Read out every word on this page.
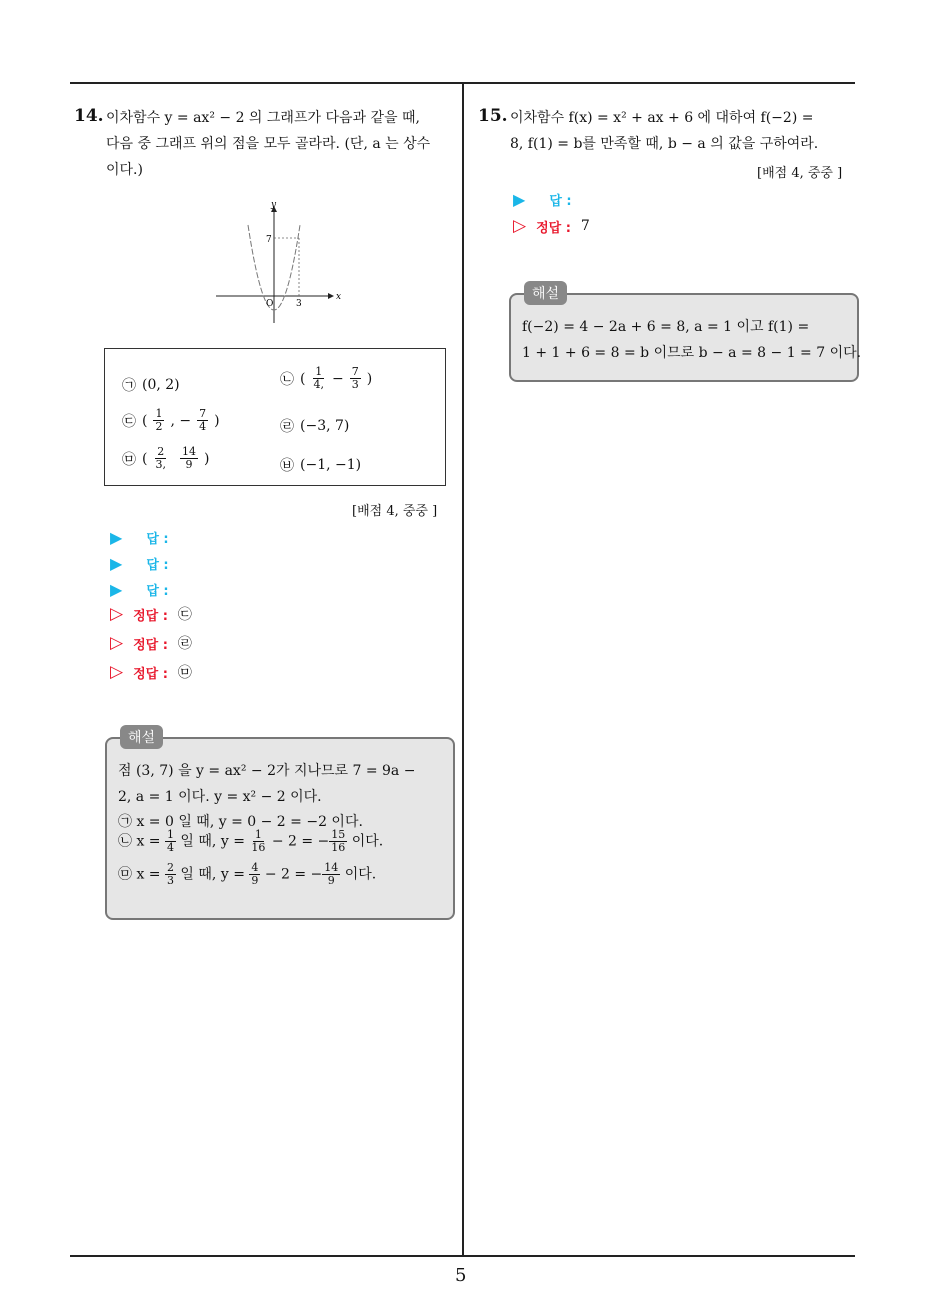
5
14. 이차함수 y = ax² − 2 의 그래프가 다음과 같을 때,
다음 중 그래프 위의 점을 모두 골라라. (단, a 는 상수
이다.)
y
x
O	3
7
㉠ (0, 2)	㉡ ( $\frac{1}{4,} - \frac{7}{3}$ )
㉢ ( $\frac{1}{2}$ , − $\frac{7}{4}$ )	㉣ (−3, 7)
㉤ ( $\frac{2}{3,} \frac{14}{9}$ )	㉥ (−1, −1)
[배점 4, 중중 ]
▶ 답 :
▶ 답 :
▶ 답 :
▷ 정답 : ㉢
▷ 정답 : ㉣
▷ 정답 : ㉤
해설
점 (3, 7) 을 y = ax² − 2가 지나므로 7 = 9a −
2, a = 1 이다. y = x² − 2 이다.
㉠ x = 0 일 때, y = 0 − 2 = −2 이다.
㉡ $x = \frac{1}{4}$ 일 때, $y = \frac{1}{16} - 2$ = − $\frac{15}{16}$ 이다.
㉤ $x = \frac{2}{3}$ 일 때, $y = \frac{4}{9} - 2$ = − $\frac{14}{9}$ 이다.
15. 이차함수 f(x) = x² + ax + 6 에 대하여 f(−2) =
8, f(1) = b를 만족할 때, b − a 의 값을 구하여라.
[배점 4, 중중 ]
▶ 답 :
▷ 정답 : 7
해설
f(−2) = 4 − 2a + 6 = 8, a = 1 이고 f(1) =
1 + 1 + 6 = 8 = b 이므로 b − a = 8 − 1 = 7 이다.
